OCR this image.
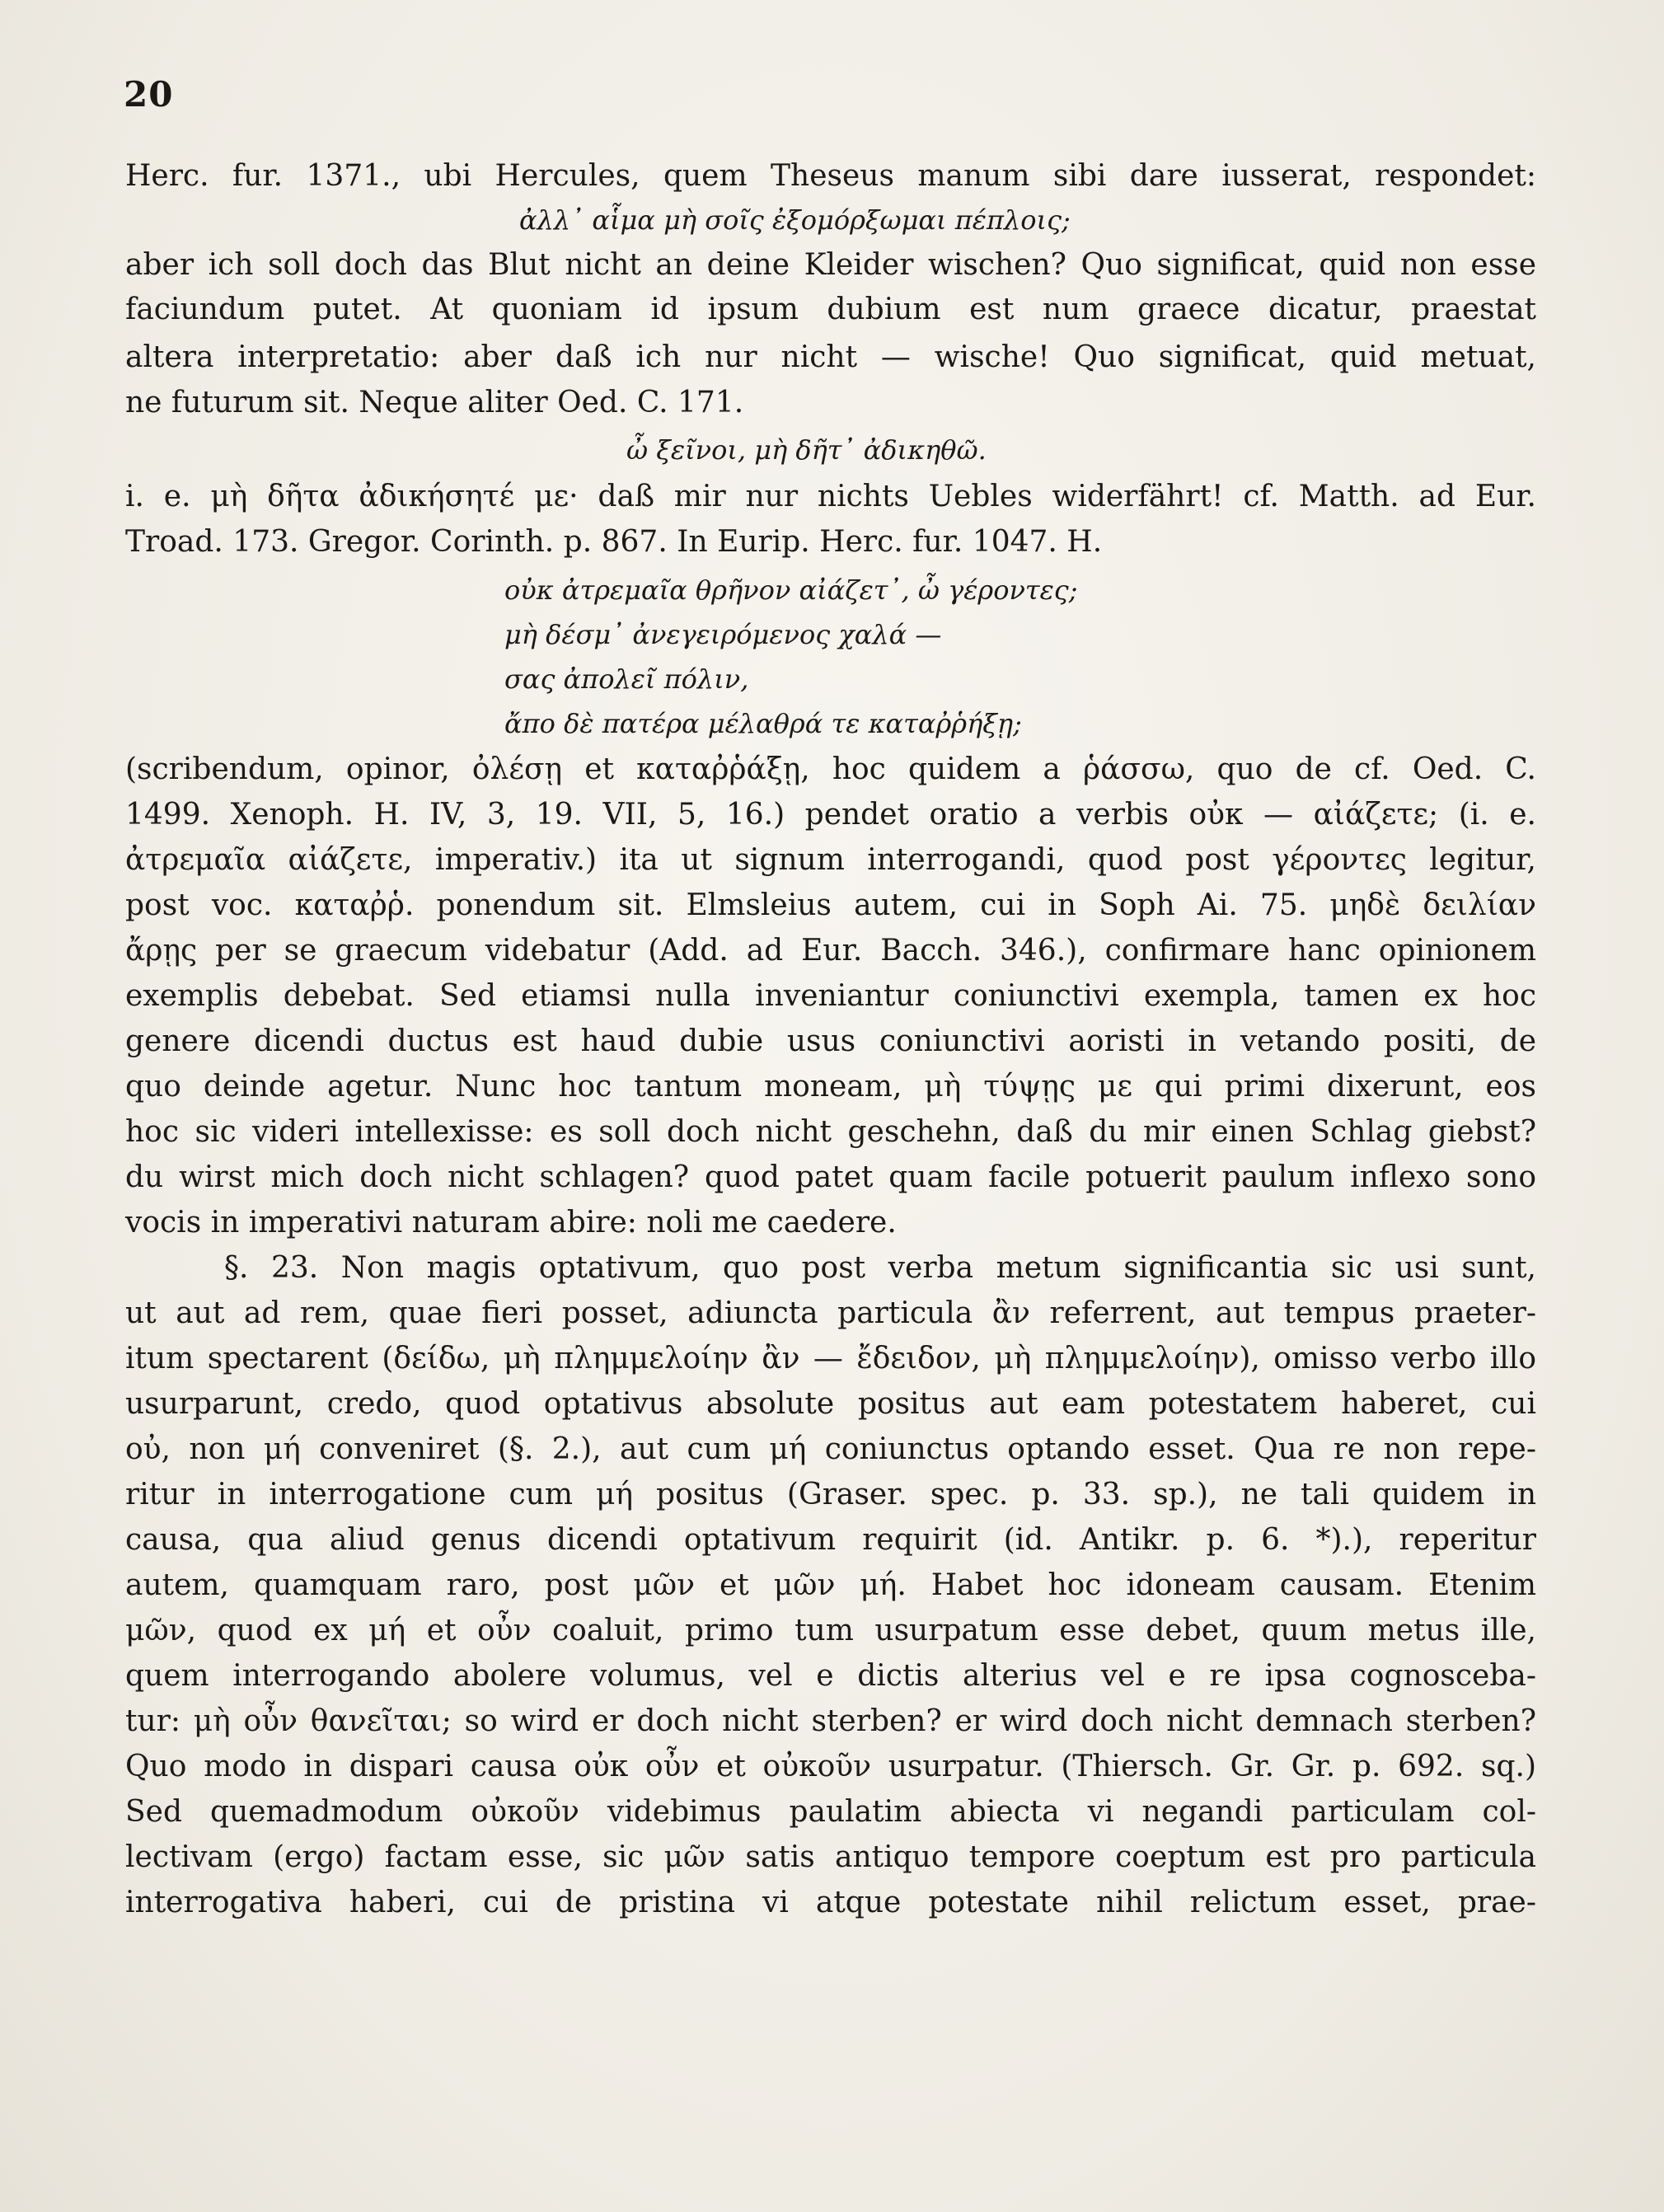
20
Herc. fur. 1371., ubi Hercules, quem Theseus manum sibi dare iusserat, respondet:
ἀλλ᾽ αἷμα μὴ σοῖς ἐξομόρξωμαι πέπλοις;
aber ich soll doch das Blut nicht an deine Kleider wischen? Quo significat, quid non esse
faciundum putet. At quoniam id ipsum dubium est num graece dicatur, praestat
altera interpretatio: aber daß ich nur nicht — wische! Quo significat, quid metuat,
ne futurum sit. Neque aliter Oed. C. 171.
ὦ ξεῖνοι, μὴ δῆτ᾽ ἀδικηθῶ.
i. e. μὴ δῆτα ἀδικήσητέ με· daß mir nur nichts Uebles widerfährt! cf. Matth. ad Eur.
Troad. 173. Gregor. Corinth. p. 867. In Eurip. Herc. fur. 1047. H.
οὐκ ἀτρεμαῖα θρῆνον αἰάζετ᾽, ὦ γέροντες;
μὴ δέσμ᾽ ἀνεγειρόμενος χαλά —
σας ἀπολεῖ πόλιν,
ἄπο δὲ πατέρα μέλαθρά τε καταῤῥήξῃ;
(scribendum, opinor, ὀλέσῃ et καταῤῥάξῃ, hoc quidem a ῥάσσω, quo de cf. Oed. C.
1499. Xenoph. H. IV, 3, 19. VII, 5, 16.) pendet oratio a verbis οὐκ — αἰάζετε; (i. e.
ἀτρεμαῖα αἰάζετε, imperativ.) ita ut signum interrogandi, quod post γέροντες legitur,
post voc. καταῤῥ. ponendum sit. Elmsleius autem, cui in Soph Ai. 75. μηδὲ δειλίαν
ἄρῃς per se graecum videbatur (Add. ad Eur. Bacch. 346.), confirmare hanc opinionem
exemplis debebat. Sed etiamsi nulla inveniantur coniunctivi exempla, tamen ex hoc
genere dicendi ductus est haud dubie usus coniunctivi aoristi in vetando positi, de
quo deinde agetur. Nunc hoc tantum moneam, μὴ τύψῃς με qui primi dixerunt, eos
hoc sic videri intellexisse: es soll doch nicht geschehn, daß du mir einen Schlag giebst?
du wirst mich doch nicht schlagen? quod patet quam facile potuerit paulum inflexo sono
vocis in imperativi naturam abire: noli me caedere.
§. 23. Non magis optativum, quo post verba metum significantia sic usi sunt,
ut aut ad rem, quae fieri posset, adiuncta particula ἂν referrent, aut tempus praeter-
itum spectarent (δείδω, μὴ πλημμελοίην ἂν — ἔδειδον, μὴ πλημμελοίην), omisso verbo illo
usurparunt, credo, quod optativus absolute positus aut eam potestatem haberet, cui
οὐ, non μή conveniret (§. 2.), aut cum μή coniunctus optando esset. Qua re non repe-
ritur in interrogatione cum μή positus (Graser. spec. p. 33. sp.), ne tali quidem in
causa, qua aliud genus dicendi optativum requirit (id. Antikr. p. 6. *).), reperitur
autem, quamquam raro, post μῶν et μῶν μή. Habet hoc idoneam causam. Etenim
μῶν, quod ex μή et οὖν coaluit, primo tum usurpatum esse debet, quum metus ille,
quem interrogando abolere volumus, vel e dictis alterius vel e re ipsa cognosceba-
tur: μὴ οὖν θανεῖται; so wird er doch nicht sterben? er wird doch nicht demnach sterben?
Quo modo in dispari causa οὐκ οὖν et οὐκοῦν usurpatur. (Thiersch. Gr. Gr. p. 692. sq.)
Sed quemadmodum οὐκοῦν videbimus paulatim abiecta vi negandi particulam col-
lectivam (ergo) factam esse, sic μῶν satis antiquo tempore coeptum est pro particula
interrogativa haberi, cui de pristina vi atque potestate nihil relictum esset, prae-
